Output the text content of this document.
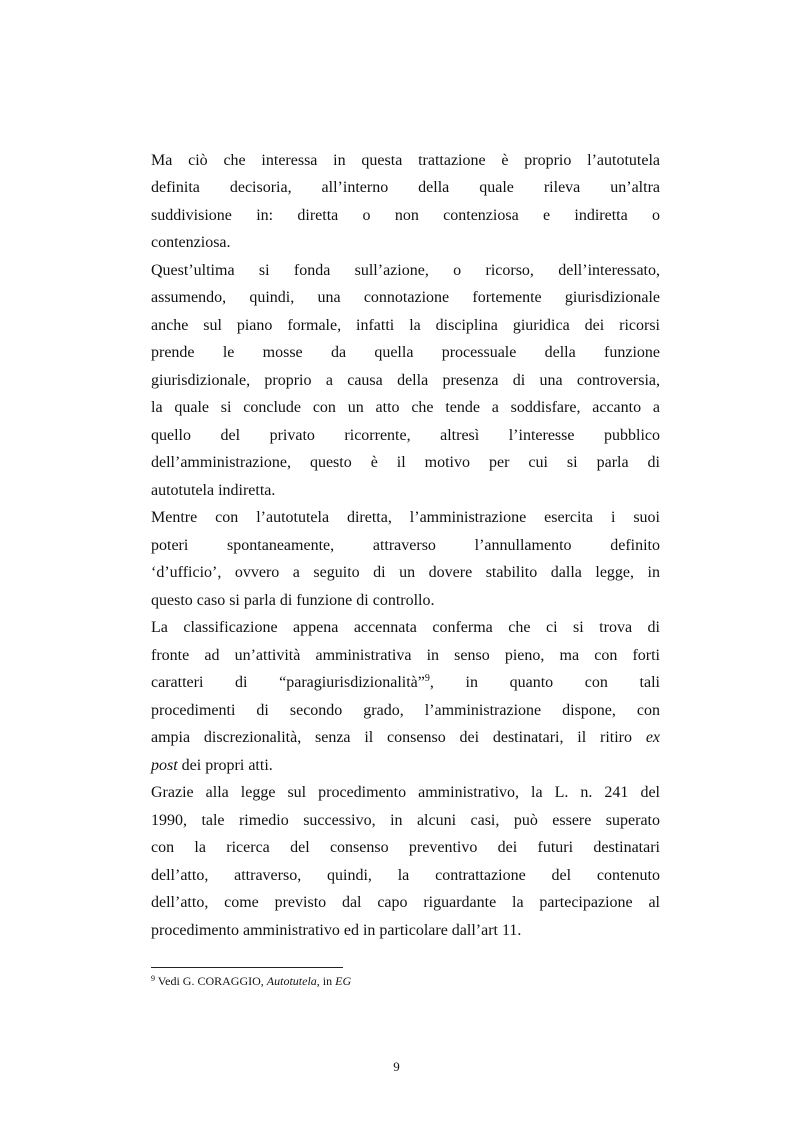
Ma ciò che interessa in questa trattazione è proprio l’autotutela
definita decisoria, all’interno della quale rileva un’altra
suddivisione in: diretta o non contenziosa e indiretta o
contenziosa.
Quest’ultima si fonda sull’azione, o ricorso, dell’interessato,
assumendo, quindi, una connotazione fortemente giurisdizionale
anche sul piano formale, infatti la disciplina giuridica dei ricorsi
prende le mosse da quella processuale della funzione
giurisdizionale, proprio a causa della presenza di una controversia,
la quale si conclude con un atto che tende a soddisfare, accanto a
quello del privato ricorrente, altresì l’interesse pubblico
dell’amministrazione, questo è il motivo per cui si parla di
autotutela indiretta.
Mentre con l’autotutela diretta, l’amministrazione esercita i suoi
poteri spontaneamente, attraverso l’annullamento definito
‘d’ufficio’, ovvero a seguito di un dovere stabilito dalla legge, in
questo caso si parla di funzione di controllo.
La classificazione appena accennata conferma che ci si trova di
fronte ad un’attività amministrativa in senso pieno, ma con forti
caratteri di “paragiurisdizionalità”$^9$, in quanto con tali
procedimenti di secondo grado, l’amministrazione dispone, con
ampia discrezionalità, senza il consenso dei destinatari, il ritiro ex
post dei propri atti.
Grazie alla legge sul procedimento amministrativo, la L. n. 241 del
1990, tale rimedio successivo, in alcuni casi, può essere superato
con la ricerca del consenso preventivo dei futuri destinatari
dell’atto, attraverso, quindi, la contrattazione del contenuto
dell’atto, come previsto dal capo riguardante la partecipazione al
procedimento amministrativo ed in particolare dall’art 11.
$^9$ Vedi G. CORAGGIO, Autotutela, in EG
9
